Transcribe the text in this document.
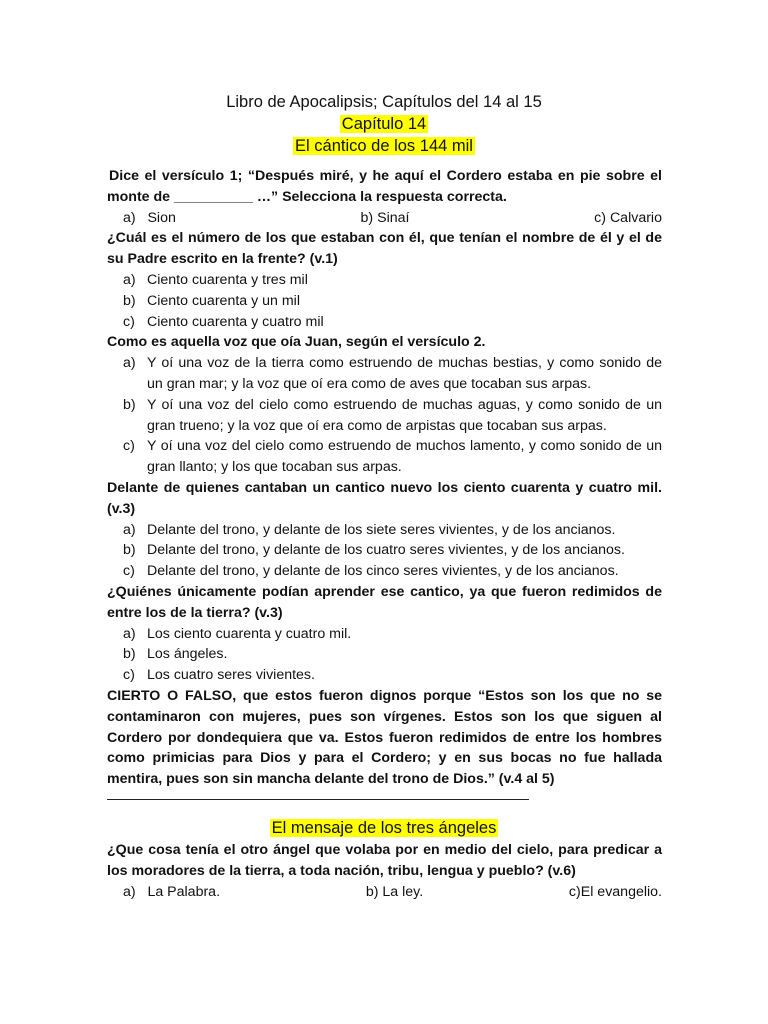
Libro de Apocalipsis; Capítulos del 14 al 15
Capítulo 14
El cántico de los 144 mil

Dice el versículo 1; “Después miré, y he aquí el Cordero estaba en pie sobre el monte de __________ …” Selecciona la respuesta correcta.

a) Sion	b) Sinaí	c) Calvario

¿Cuál es el número de los que estaban con él, que tenían el nombre de él y el de su Padre escrito en la frente? (v.1)

a) Ciento cuarenta y tres mil
b) Ciento cuarenta y un mil
c) Ciento cuarenta y cuatro mil

Como es aquella voz que oía Juan, según el versículo 2.

a) Y oí una voz de la tierra como estruendo de muchas bestias, y como sonido de un gran mar; y la voz que oí era como de aves que tocaban sus arpas.
b) Y oí una voz del cielo como estruendo de muchas aguas, y como sonido de un gran trueno; y la voz que oí era como de arpistas que tocaban sus arpas.
c) Y oí una voz del cielo como estruendo de muchos lamento, y como sonido de un gran llanto; y los que tocaban sus arpas.

Delante de quienes cantaban un cantico nuevo los ciento cuarenta y cuatro mil. (v.3)

a) Delante del trono, y delante de los siete seres vivientes, y de los ancianos.
b) Delante del trono, y delante de los cuatro seres vivientes, y de los ancianos.
c) Delante del trono, y delante de los cinco seres vivientes, y de los ancianos.

¿Quiénes únicamente podían aprender ese cantico, ya que fueron redimidos de entre los de la tierra? (v.3)

a) Los ciento cuarenta y cuatro mil.
b) Los ángeles.
c) Los cuatro seres vivientes.

CIERTO O FALSO, que estos fueron dignos porque “Estos son los que no se contaminaron con mujeres, pues son vírgenes. Estos son los que siguen al Cordero por dondequiera que va. Estos fueron redimidos de entre los hombres como primicias para Dios y para el Cordero; y en sus bocas no fue hallada mentira, pues son sin mancha delante del trono de Dios.” (v.4 al 5)

El mensaje de los tres ángeles

¿Que cosa tenía el otro ángel que volaba por en medio del cielo, para predicar a los moradores de la tierra, a toda nación, tribu, lengua y pueblo? (v.6)

a) La Palabra.	b) La ley.	c)El evangelio.
